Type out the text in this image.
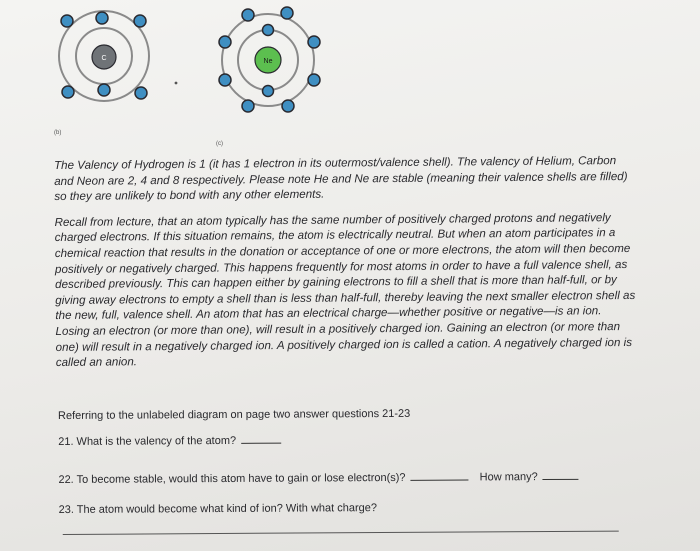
C	Ne
(b)
(c)

The Valency of Hydrogen is 1 (it has 1 electron in its outermost/valence shell). The valency of Helium, Carbon and Neon are 2, 4 and 8 respectively. Please note He and Ne are stable (meaning their valence shells are filled) so they are unlikely to bond with any other elements.

Recall from lecture, that an atom typically has the same number of positively charged protons and negatively charged electrons. If this situation remains, the atom is electrically neutral. But when an atom participates in a chemical reaction that results in the donation or acceptance of one or more electrons, the atom will then become positively or negatively charged. This happens frequently for most atoms in order to have a full valence shell, as described previously. This can happen either by gaining electrons to fill a shell that is more than half-full, or by giving away electrons to empty a shell than is less than half-full, thereby leaving the next smaller electron shell as the new, full, valence shell. An atom that has an electrical charge—whether positive or negative—is an ion. Losing an electron (or more than one), will result in a positively charged ion. Gaining an electron (or more than one) will result in a negatively charged ion. A positively charged ion is called a cation. A negatively charged ion is called an anion.

Referring to the unlabeled diagram on page two answer questions 21-23
21. What is the valency of the atom?
22. To become stable, would this atom have to gain or lose electron(s)?	How many?
23. The atom would become what kind of ion? With what charge?
